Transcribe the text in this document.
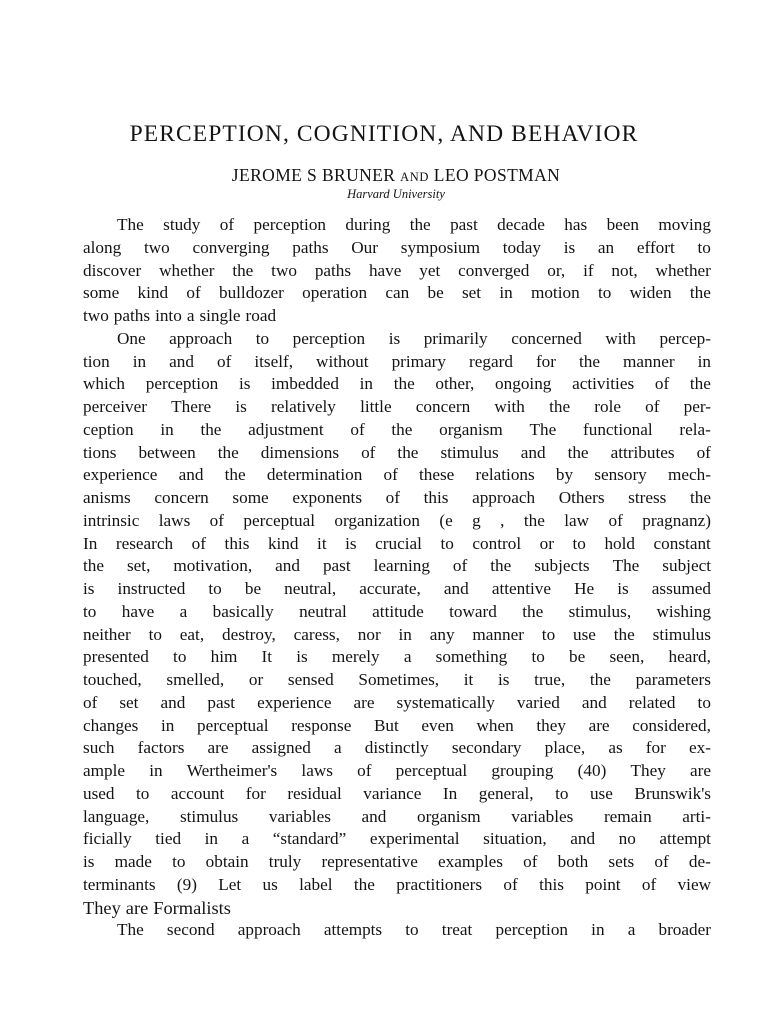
PERCEPTION, COGNITION, AND BEHAVIOR
JEROME S BRUNER AND LEO POSTMAN
Harvard University
The study of perception during the past decade has been moving
along two converging paths Our symposium today is an effort to
discover whether the two paths have yet converged or, if not, whether
some kind of bulldozer operation can be set in motion to widen the
two paths into a single road
One approach to perception is primarily concerned with percep-
tion in and of itself, without primary regard for the manner in
which perception is imbedded in the other, ongoing activities of the
perceiver There is relatively little concern with the role of per-
ception in the adjustment of the organism The functional rela-
tions between the dimensions of the stimulus and the attributes of
experience and the determination of these relations by sensory mech-
anisms concern some exponents of this approach Others stress the
intrinsic laws of perceptual organization (e g , the law of pragnanz)
In research of this kind it is crucial to control or to hold constant
the set, motivation, and past learning of the subjects The subject
is instructed to be neutral, accurate, and attentive He is assumed
to have a basically neutral attitude toward the stimulus, wishing
neither to eat, destroy, caress, nor in any manner to use the stimulus
presented to him It is merely a something to be seen, heard,
touched, smelled, or sensed Sometimes, it is true, the parameters
of set and past experience are systematically varied and related to
changes in perceptual response But even when they are considered,
such factors are assigned a distinctly secondary place, as for ex-
ample in Wertheimer's laws of perceptual grouping (40) They are
used to account for residual variance In general, to use Brunswik's
language, stimulus variables and organism variables remain arti-
ficially tied in a “standard” experimental situation, and no attempt
is made to obtain truly representative examples of both sets of de-
terminants (9) Let us label the practitioners of this point of view
They are Formalists
The second approach attempts to treat perception in a broader
